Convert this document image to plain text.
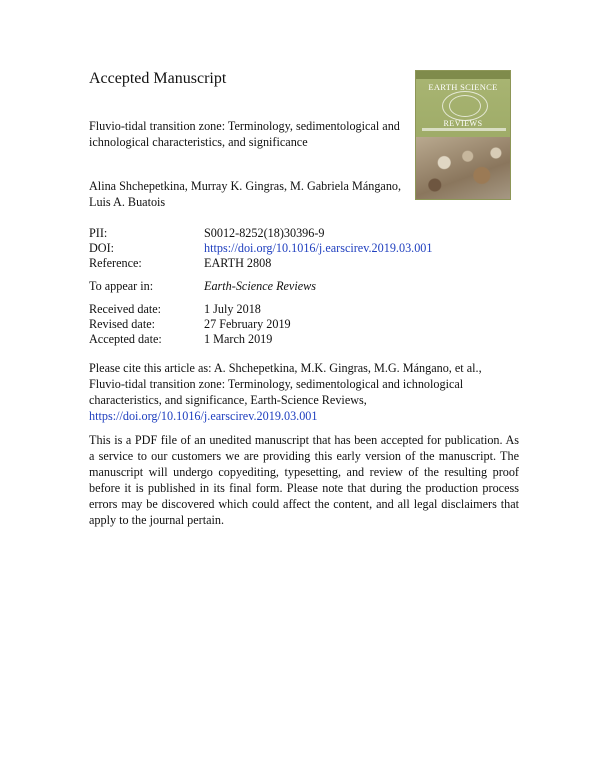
Accepted Manuscript
Fluvio-tidal transition zone: Terminology, sedimentological and ichnological characteristics, and significance
Alina Shchepetkina, Murray K. Gingras, M. Gabriela Mángano, Luis A. Buatois
EARTH SCIENCE
REVIEWS
PII:	S0012-8252(18)30396-9
DOI:	https://doi.org/10.1016/j.earscirev.2019.03.001
Reference:	EARTH 2808
To appear in:	Earth-Science Reviews
Received date:	1 July 2018
Revised date:	27 February 2019
Accepted date:	1 March 2019
Please cite this article as: A. Shchepetkina, M.K. Gingras, M.G. Mángano, et al., Fluvio-tidal transition zone: Terminology, sedimentological and ichnological characteristics, and significance, Earth-Science Reviews, https://doi.org/10.1016/j.earscirev.2019.03.001
This is a PDF file of an unedited manuscript that has been accepted for publication. As a service to our customers we are providing this early version of the manuscript. The manuscript will undergo copyediting, typesetting, and review of the resulting proof before it is published in its final form. Please note that during the production process errors may be discovered which could affect the content, and all legal disclaimers that apply to the journal pertain.
